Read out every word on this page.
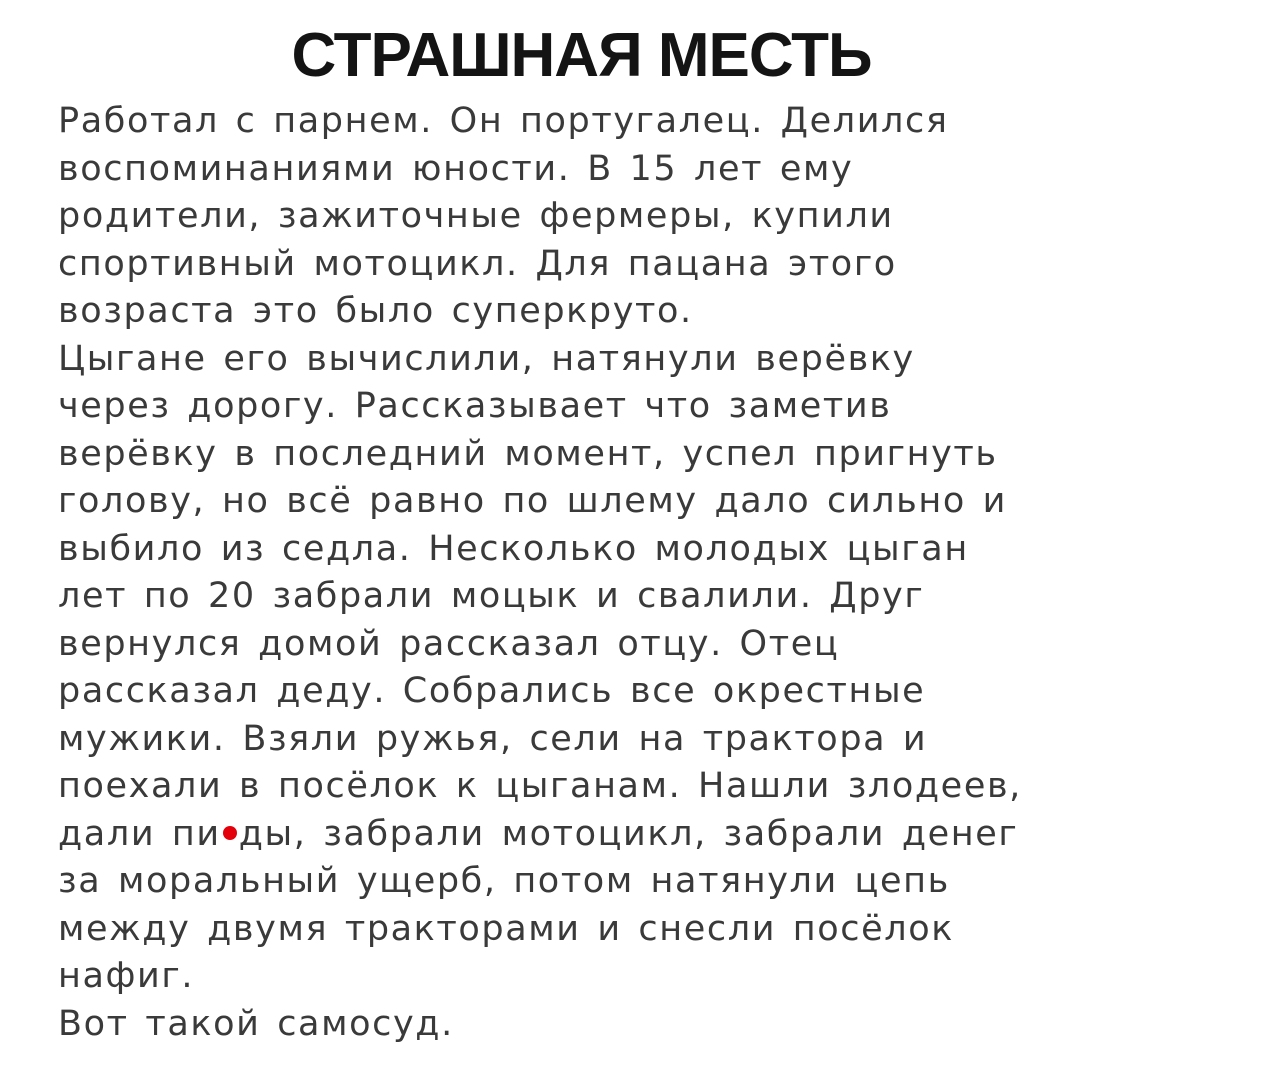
СТРАШНАЯ МЕСТЬ
Работал с парнем. Он португалец. Делился
воспоминаниями юности. В 15 лет ему
родители, зажиточные фермеры, купили
спортивный мотоцикл. Для пацана этого
возраста это было суперкруто.
Цыгане его вычислили, натянули верёвку
через дорогу. Рассказывает что заметив
верёвку в последний момент, успел пригнуть
голову, но всё равно по шлему дало сильно и
выбило из седла. Несколько молодых цыган
лет по 20 забрали моцык и свалили. Друг
вернулся домой рассказал отцу. Отец
рассказал деду. Собрались все окрестные
мужики. Взяли ружья, сели на трактора и
поехали в посёлок к цыганам. Нашли злодеев,
дали пи ды, забрали мотоцикл, забрали денег
за моральный ущерб, потом натянули цепь
между двумя тракторами и снесли посёлок
нафиг.
Вот такой самосуд.
